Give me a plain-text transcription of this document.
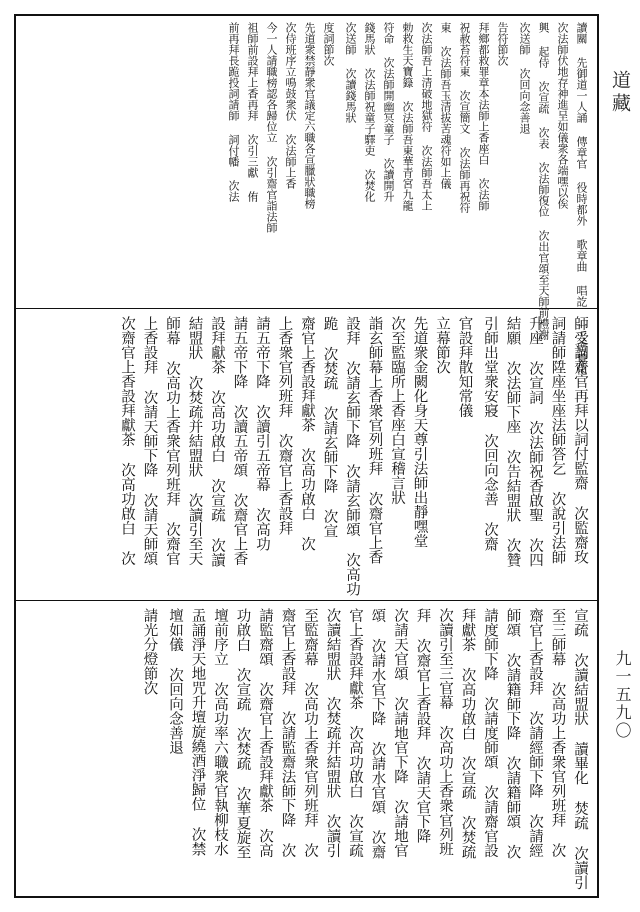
讀關 先御道一人誦 傳章官 役時都外 歌章曲 唱訖 一人廣覽化
次法師伏地存神進呈如儀衆各端嘿以俟
興 起侍 次宣疏 次表 次法師復位 次出官頌至天師前禮謝
次送師 次回向念善退
告符節次
拜鄉都救罪章本法師上香座白 次法師
祝赦苔符東 次宣簡文 次法師再祝符
東 次法師吾玉清拔苦魂符如上儀
次法師吾上清破地獄符 次法師吾太上
勅救生天寶籙 次法師吾東華青宮九龍
符命 次法師開幽冥童子 次讀開升
錢馬狀 次法師祝童子驛吏 次焚化
次送師 次讀錢馬狀
度詞節次
先道衆禁靜衆官議定六職各宣臘狀職榜
次侍班序立鳴鼓衆伏 次法師上香
今一人請職榜認各歸位立 次引齋官詣法師
祖師前設拜上香再拜 次引三獻 侑
前再拜長跪投詞請師 詞付幡 次法
師受詞齋官再拜以詞付監齋 次監齋玫
詞請師陞座坐座法師答乞 次說引法師
升座 次宣詞 次法師祝香啟聖 次四
結願 次法師下座 次告結盟狀 次贊
引師出堂衆安寢 次回向念善 次齋
官設拜散知常儀
立幕節次
先道衆金闕化身天尊引法師出靜嘿堂
次至監臨所上香座白宣稽言狀
詣玄師幕上香衆官列班拜 次齋官上香
設拜 次請玄師下降 次請玄師頌 次高功
跪 次焚疏 次請玄師下降 次宣
齋官上香設拜獻茶 次高功啟白 次
上香衆官列班拜 次齋官上香設拜
請五帝下降 次讀引五帝幕 次高功
請五帝下降 次讀五帝頌 次齋官上香
設拜獻茶 次高功啟白 次宣疏 次讀
結盟狀 次焚疏并結盟狀 次讀引至天
師幕 次高功上香衆官列班拜 次齋官
上香設拜 次請天師下降 次請天師頌
次齋官上香設拜獻茶 次高功啟白 次
宣疏 次讀結盟狀 讀畢化 焚疏 次讀引
至三師幕 次高功上香衆官列班拜 次
齋官上香設拜 次請經師下降 次請經
師頌 次請籍師下降 次請籍師頌 次
請度師下降 次請度師頌 次請齋官設
拜獻茶 次高功啟白 次宣疏 次焚疏
次讀引至三官幕 次高功上香衆官列班
拜 次齋官上香設拜 次請天官下降
次請天官頌 次請地官下降 次請地官
頌 次請水官下降 次請水官頌 次齋
官上香設拜獻茶 次高功啟白 次宣疏
次讀結盟狀 次焚疏并結盟狀 次讀引
至監齋幕 次高功上香衆官列班拜 次
齋官上香設拜 次請監齋法師下降 次
請監齋頌 次齋官上香設拜獻茶 次高
功啟白 次宣疏 次焚疏 次華夏旋至
壇前序立 次高功率六職衆官執柳枝水
盂誦淨天地咒升壇旋繞酒淨歸位 次禁
壇如儀 次回向念善退
請光分燈節次
道藏
九一五九〇
